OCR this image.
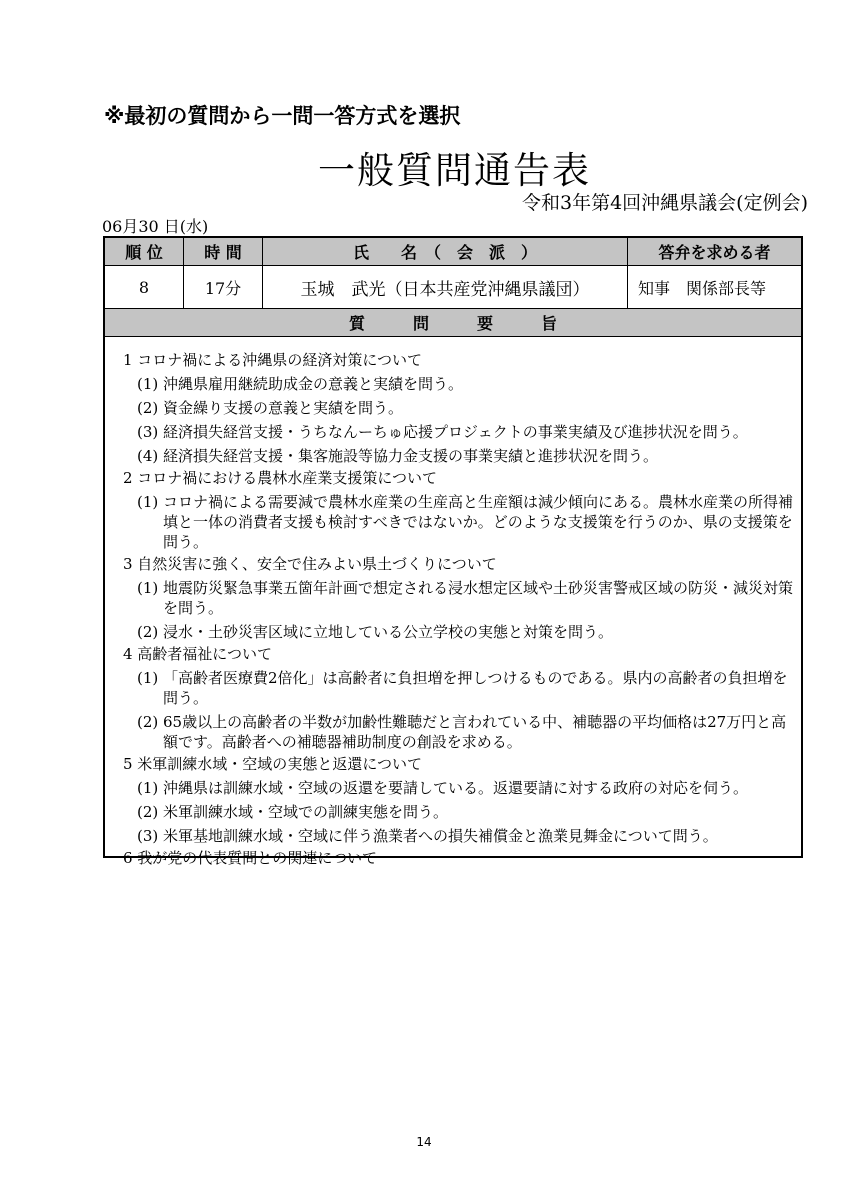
※最初の質問から一問一答方式を選択
一般質問通告表
令和3年第4回沖縄県議会(定例会)
06月30 日(水)
順 位	時 間	氏　　名　（　会　派　）	答弁を求める者
8	17分	玉城　武光（日本共産党沖縄県議団）	知事　関係部長等
質　　　問　　　要　　　旨
1 コロナ禍による沖縄県の経済対策について
(1) 沖縄県雇用継続助成金の意義と実績を問う。
(2) 資金繰り支援の意義と実績を問う。
(3) 経済損失経営支援・うちなんーちゅ応援プロジェクトの事業実績及び進捗状況を問う。
(4) 経済損失経営支援・集客施設等協力金支援の事業実績と進捗状況を問う。
2 コロナ禍における農林水産業支援策について
(1) コロナ禍による需要減で農林水産業の生産高と生産額は減少傾向にある。農林水産業の所得補填と一体の消費者支援も検討すべきではないか。どのような支援策を行うのか、県の支援策を問う。
3 自然災害に強く、安全で住みよい県土づくりについて
(1) 地震防災緊急事業五箇年計画で想定される浸水想定区域や土砂災害警戒区域の防災・減災対策を問う。
(2) 浸水・土砂災害区域に立地している公立学校の実態と対策を問う。
4 高齢者福祉について
(1) 「高齢者医療費2倍化」は高齢者に負担増を押しつけるものである。県内の高齢者の負担増を問う。
(2) 65歳以上の高齢者の半数が加齢性難聴だと言われている中、補聴器の平均価格は27万円と高額です。高齢者への補聴器補助制度の創設を求める。
5 米軍訓練水域・空域の実態と返還について
(1) 沖縄県は訓練水域・空域の返還を要請している。返還要請に対する政府の対応を伺う。
(2) 米軍訓練水域・空域での訓練実態を問う。
(3) 米軍基地訓練水域・空域に伴う漁業者への損失補償金と漁業見舞金について問う。
6 我が党の代表質問との関連について
14
